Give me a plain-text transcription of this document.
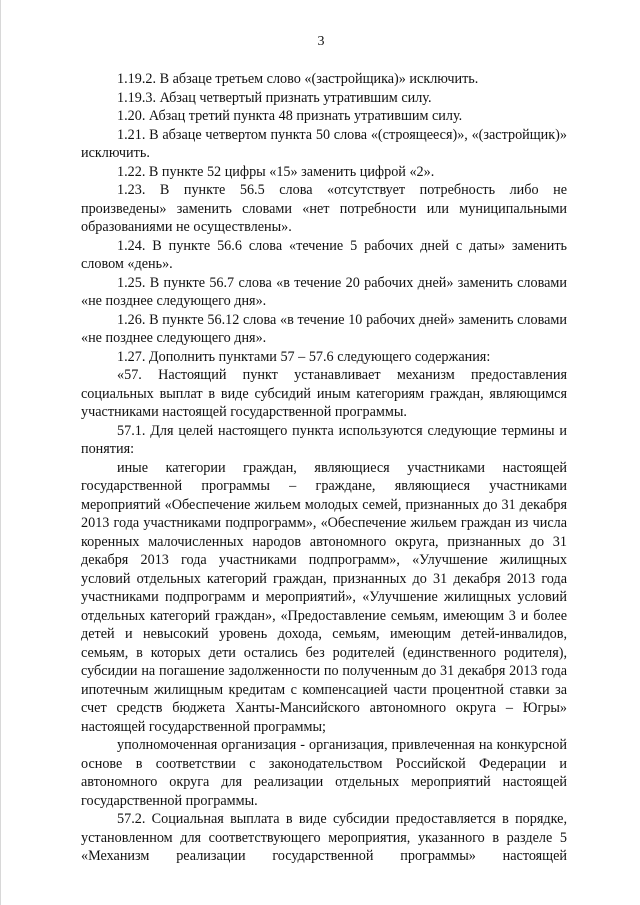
3

1.19.2. В абзаце третьем слово «(застройщика)» исключить.

1.19.3. Абзац четвертый признать утратившим силу.

1.20. Абзац третий пункта 48 признать утратившим силу.

1.21. В абзаце четвертом пункта 50 слова «(строящееся)», «(застройщик)» исключить.

1.22. В пункте 52 цифры «15» заменить цифрой «2».

1.23. В пункте 56.5 слова «отсутствует потребность либо не произведены» заменить словами «нет потребности или муниципальными образованиями не осуществлены».

1.24. В пункте 56.6 слова «течение 5 рабочих дней с даты» заменить словом «день».

1.25. В пункте 56.7 слова «в течение 20 рабочих дней» заменить словами «не позднее следующего дня».

1.26. В пункте 56.12 слова «в течение 10 рабочих дней» заменить словами «не позднее следующего дня».

1.27. Дополнить пунктами 57 – 57.6 следующего содержания:

«57. Настоящий пункт устанавливает механизм предоставления социальных выплат в виде субсидий иным категориям граждан, являющимся участниками настоящей государственной программы.

57.1. Для целей настоящего пункта используются следующие термины и понятия:

иные категории граждан, являющиеся участниками настоящей государственной программы – граждане, являющиеся участниками мероприятий «Обеспечение жильем молодых семей, признанных до 31 декабря 2013 года участниками подпрограмм», «Обеспечение жильем граждан из числа коренных малочисленных народов автономного округа, признанных до 31 декабря 2013 года участниками подпрограмм», «Улучшение жилищных условий отдельных категорий граждан, признанных до 31 декабря 2013 года участниками подпрограмм и мероприятий», «Улучшение жилищных условий отдельных категорий граждан», «Предоставление семьям, имеющим 3 и более детей и невысокий уровень дохода, семьям, имеющим детей-инвалидов, семьям, в которых дети остались без родителей (единственного родителя), субсидии на погашение задолженности по полученным до 31 декабря 2013 года ипотечным жилищным кредитам с компенсацией части процентной ставки за счет средств бюджета Ханты-Мансийского автономного округа – Югры» настоящей государственной программы;

уполномоченная организация - организация, привлеченная на конкурсной основе в соответствии с законодательством Российской Федерации и автономного округа для реализации отдельных мероприятий настоящей государственной программы.

57.2. Социальная выплата в виде субсидии предоставляется в порядке, установленном для соответствующего мероприятия, указанного в разделе 5 «Механизм реализации государственной программы» настоящей
